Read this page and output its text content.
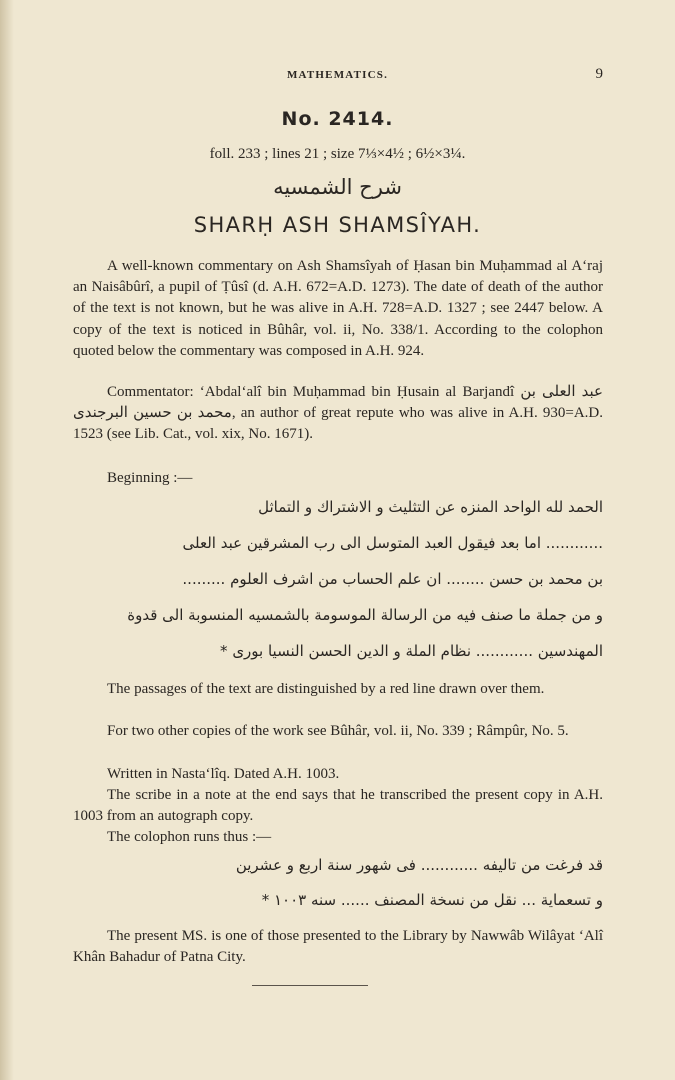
MATHEMATICS.	9
No. 2414.
foll. 233 ; lines 21 ; size 7⅓×4½ ; 6½×3¼.
شرح الشمسيه
SHARḤ ASH SHAMSÎYAH.
A well-known commentary on Ash Shamsîyah of Ḥasan bin Muḥammad al A‘raj an Naisâbûrî, a pupil of Ṭûsî (d. A.H. 672=A.D. 1273). The date of death of the author of the text is not known, but he was alive in A.H. 728=A.D. 1327 ; see 2447 below. A copy of the text is noticed in Bûhâr, vol. ii, No. 338/1. According to the colophon quoted below the commentary was composed in A.H. 924.
Commentator: ‘Abdal‘alî bin Muḥammad bin Ḥusain al Barjandî عبد العلى بن محمد بن حسين البرجندى, an author of great repute who was alive in A.H. 930=A.D. 1523 (see Lib. Cat., vol. xix, No. 1671).
Beginning :—
الحمد لله الواحد المنزه عن التثليث و الاشتراك و التماثل
............ اما بعد فيقول العبد المتوسل الى رب المشرقين عبد العلى
بن محمد بن حسن ........ ان علم الحساب من اشرف العلوم .........
و من جملة ما صنف فيه من الرسالة الموسومة بالشمسيه المنسوبة الى قدوة
المهندسين ............ نظام الملة و الدين الحسن النسيا بورى *
The passages of the text are distinguished by a red line drawn over them.
For two other copies of the work see Bûhâr, vol. ii, No. 339 ; Râmpûr, No. 5.
Written in Nasta‘lîq. Dated A.H. 1003.
The scribe in a note at the end says that he transcribed the present copy in A.H. 1003 from an autograph copy.
The colophon runs thus :—
قد فرغت من تاليفه ............ فى شهور سنة اربع و عشرين
و تسعماية ... نقل من نسخة المصنف ...... سنه ۱۰۰۳ *
The present MS. is one of those presented to the Library by Nawwâb Wilâyat ‘Alî Khân Bahadur of Patna City.
